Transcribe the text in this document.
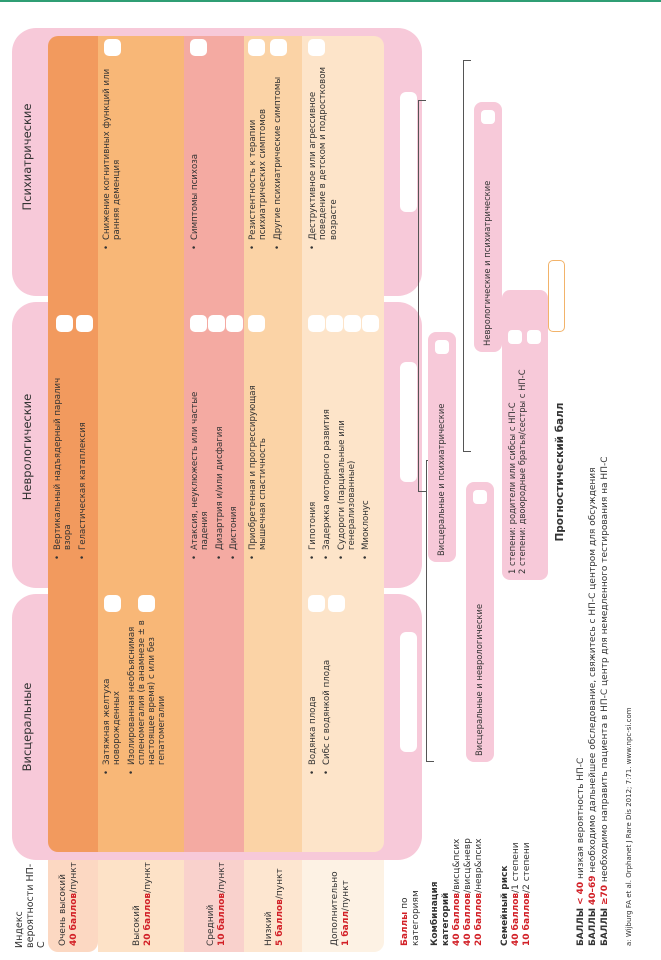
Индекс вероятности НП-С
Висцеральные
Неврологические
Психиатрические
Очень высокий 40 баллов/пункт
Высокий 20 баллов/пункт
Средний 10 баллов/пункт
Низкий 5 баллов/пункт	Дополнительно 1 балл/пункт
• Вертикальный надъядерный паралич взора • Геластическая катаплексия
• Затяжная желтуха новорожденных • Изолированная необъяснимая спленомегалия (в анамнезе ± в настоящее время) с или без гепатомегалии
• Снижение когнитивных функций или ранняя деменция
• Атаксия, неуклюжесть или частые падения • Дизартрия и/или дисфагия • Дистония
• Симптомы психоза
• Приобретенная и прогрессирующая мышечная спастичность
• Резистентность к терапии психиатрических симптомов • Другие психиатрические симптомы
• Водянка плода • Сибс с водянкой плода
• Гипотония • Задержка моторного развития • Судороги (парциальные или генерализованные) • Миоклонус
• Деструктивное или агрессивное поведение в детском и подростковом возрасте
Баллы по категориям Комбинация категорий 40 баллов/висц&псих
40 баллов/висц&невр
20 баллов/невр&псих Семейный риск 40 баллов/1 степени
10 баллов/2 степени
Висцеральные и неврологические
Висцеральные и психиатрические
Неврологические и психиатрические
1 степени: родители или сибсы с НП-С 2 степени: двоюродные братья/сестры с НП-С	Прогностический балл
БАЛЛЫ < 40 низкая вероятность НП-С
БАЛЛЫ 40–69 необходимо дальнейшее обследование, свяжитесь с НП-С центром для обсуждения
БАЛЛЫ ≥70 необходимо направить пациента в НП-С центр для немедленного тестирования на НП-С а: Wijburg FA et al. Orphanet J Rare Dis 2012; 7:71. www.npc-si.com
